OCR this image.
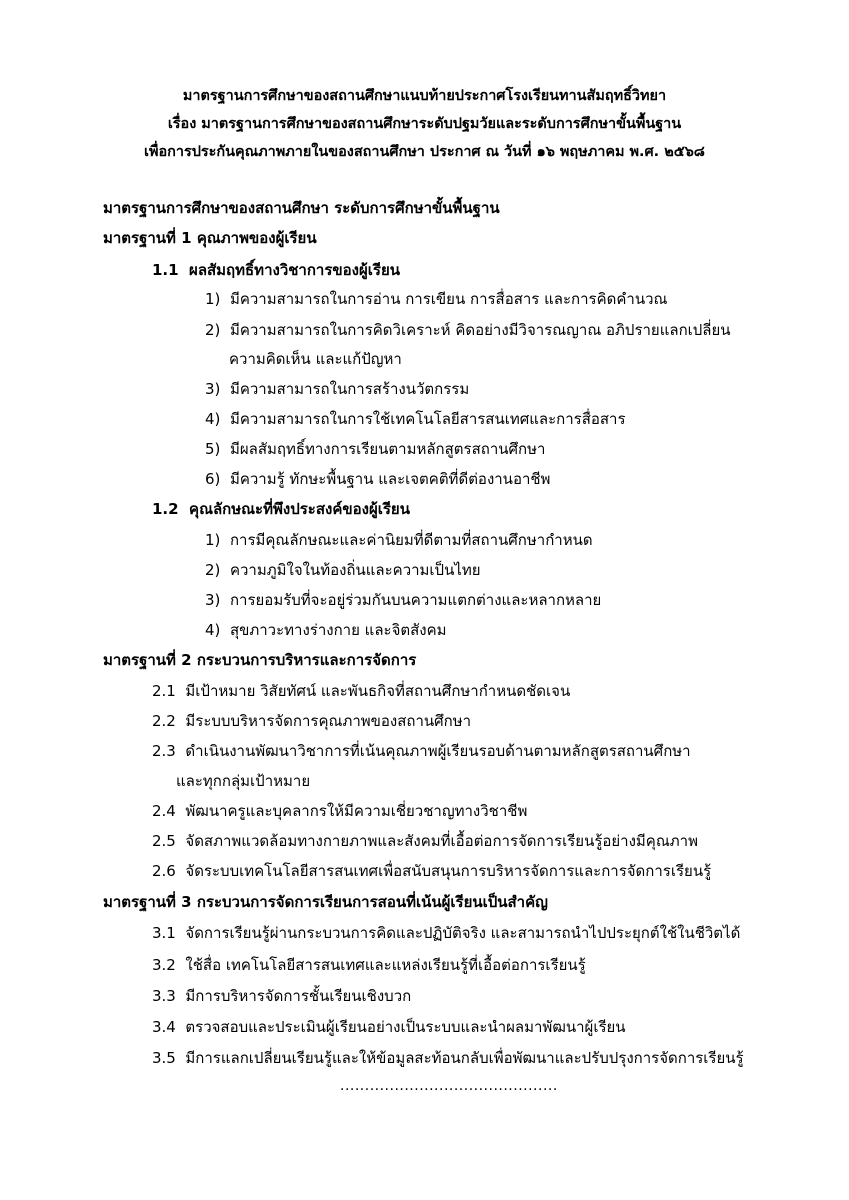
มาตรฐานการศึกษาของสถานศึกษาแนบท้ายประกาศโรงเรียนทานสัมฤทธิ์วิทยา
เรื่อง มาตรฐานการศึกษาของสถานศึกษาระดับปฐมวัยและระดับการศึกษาขั้นพื้นฐาน
เพื่อการประกันคุณภาพภายในของสถานศึกษา ประกาศ ณ วันที่ ๑๖ พฤษภาคม พ.ศ. ๒๕๖๘
มาตรฐานการศึกษาของสถานศึกษา ระดับการศึกษาขั้นพื้นฐาน
มาตรฐานที่ 1 คุณภาพของผู้เรียน
1.1 ผลสัมฤทธิ์ทางวิชาการของผู้เรียน
1) มีความสามารถในการอ่าน การเขียน การสื่อสาร และการคิดคำนวณ
2) มีความสามารถในการคิดวิเคราะห์ คิดอย่างมีวิจารณญาณ อภิปรายแลกเปลี่ยน
ความคิดเห็น และแก้ปัญหา
3) มีความสามารถในการสร้างนวัตกรรม
4) มีความสามารถในการใช้เทคโนโลยีสารสนเทศและการสื่อสาร
5) มีผลสัมฤทธิ์ทางการเรียนตามหลักสูตรสถานศึกษา
6) มีความรู้ ทักษะพื้นฐาน และเจตคติที่ดีต่องานอาชีพ
1.2 คุณลักษณะที่พึงประสงค์ของผู้เรียน
1) การมีคุณลักษณะและค่านิยมที่ดีตามที่สถานศึกษากำหนด
2) ความภูมิใจในท้องถิ่นและความเป็นไทย
3) การยอมรับที่จะอยู่ร่วมกันบนความแตกต่างและหลากหลาย
4) สุขภาวะทางร่างกาย และจิตสังคม
มาตรฐานที่ 2 กระบวนการบริหารและการจัดการ
2.1 มีเป้าหมาย วิสัยทัศน์ และพันธกิจที่สถานศึกษากำหนดชัดเจน
2.2 มีระบบบริหารจัดการคุณภาพของสถานศึกษา
2.3 ดำเนินงานพัฒนาวิชาการที่เน้นคุณภาพผู้เรียนรอบด้านตามหลักสูตรสถานศึกษา
และทุกกลุ่มเป้าหมาย
2.4 พัฒนาครูและบุคลากรให้มีความเชี่ยวชาญทางวิชาชีพ
2.5 จัดสภาพแวดล้อมทางกายภาพและสังคมที่เอื้อต่อการจัดการเรียนรู้อย่างมีคุณภาพ
2.6 จัดระบบเทคโนโลยีสารสนเทศเพื่อสนับสนุนการบริหารจัดการและการจัดการเรียนรู้
มาตรฐานที่ 3 กระบวนการจัดการเรียนการสอนที่เน้นผู้เรียนเป็นสำคัญ
3.1 จัดการเรียนรู้ผ่านกระบวนการคิดและปฏิบัติจริง และสามารถนำไปประยุกต์ใช้ในชีวิตได้
3.2 ใช้สื่อ เทคโนโลยีสารสนเทศและแหล่งเรียนรู้ที่เอื้อต่อการเรียนรู้
3.3 มีการบริหารจัดการชั้นเรียนเชิงบวก
3.4 ตรวจสอบและประเมินผู้เรียนอย่างเป็นระบบและนำผลมาพัฒนาผู้เรียน
3.5 มีการแลกเปลี่ยนเรียนรู้และให้ข้อมูลสะท้อนกลับเพื่อพัฒนาและปรับปรุงการจัดการเรียนรู้
............................................
